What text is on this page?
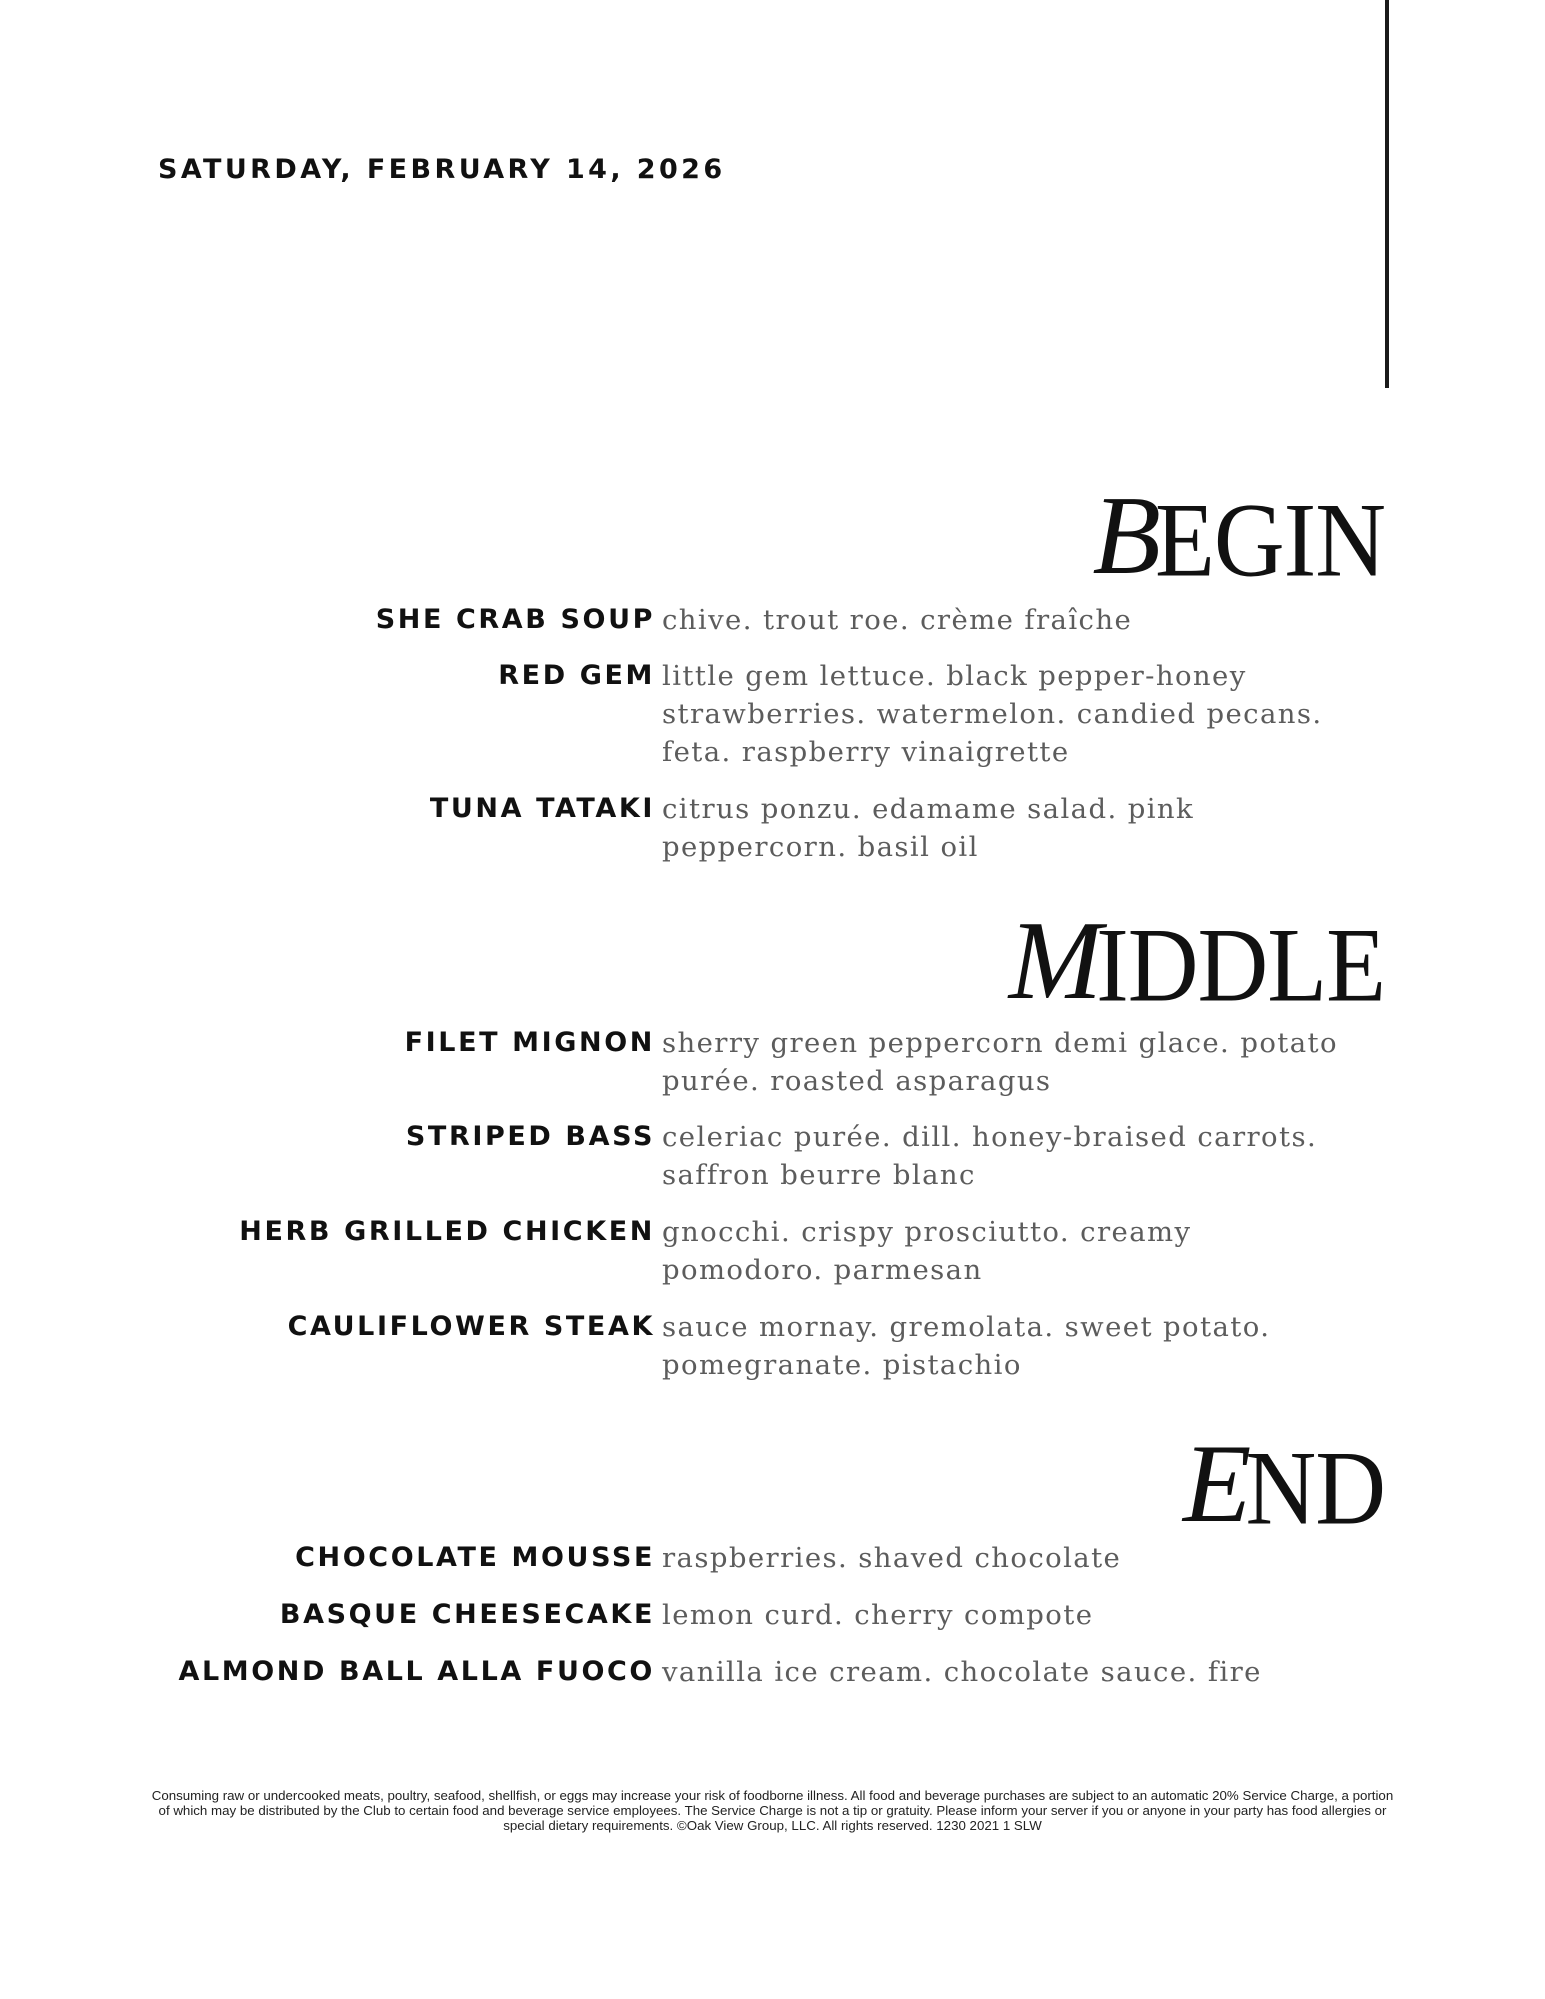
SATURDAY, FEBRUARY 14, 2026
BEGIN
SHE CRAB SOUP chive. trout roe. crème fraîche
RED GEM little gem lettuce. black pepper-honey strawberries. watermelon. candied pecans. feta. raspberry vinaigrette
TUNA TATAKI citrus ponzu. edamame salad. pink peppercorn. basil oil
MIDDLE
FILET MIGNON sherry green peppercorn demi glace. potato purée. roasted asparagus
STRIPED BASS celeriac purée. dill. honey-braised carrots. saffron beurre blanc
HERB GRILLED CHICKEN gnocchi. crispy prosciutto. creamy pomodoro. parmesan
CAULIFLOWER STEAK sauce mornay. gremolata. sweet potato. pomegranate. pistachio
END
CHOCOLATE MOUSSE raspberries. shaved chocolate
BASQUE CHEESECAKE lemon curd. cherry compote
ALMOND BALL ALLA FUOCO vanilla ice cream. chocolate sauce. fire
Consuming raw or undercooked meats, poultry, seafood, shellfish, or eggs may increase your risk of foodborne illness. All food and beverage purchases are subject to an automatic 20% Service Charge, a portion of which may be distributed by the Club to certain food and beverage service employees. The Service Charge is not a tip or gratuity. Please inform your server if you or anyone in your party has food allergies or special dietary requirements. ©Oak View Group, LLC. All rights reserved. 1230 2021 1 SLW
